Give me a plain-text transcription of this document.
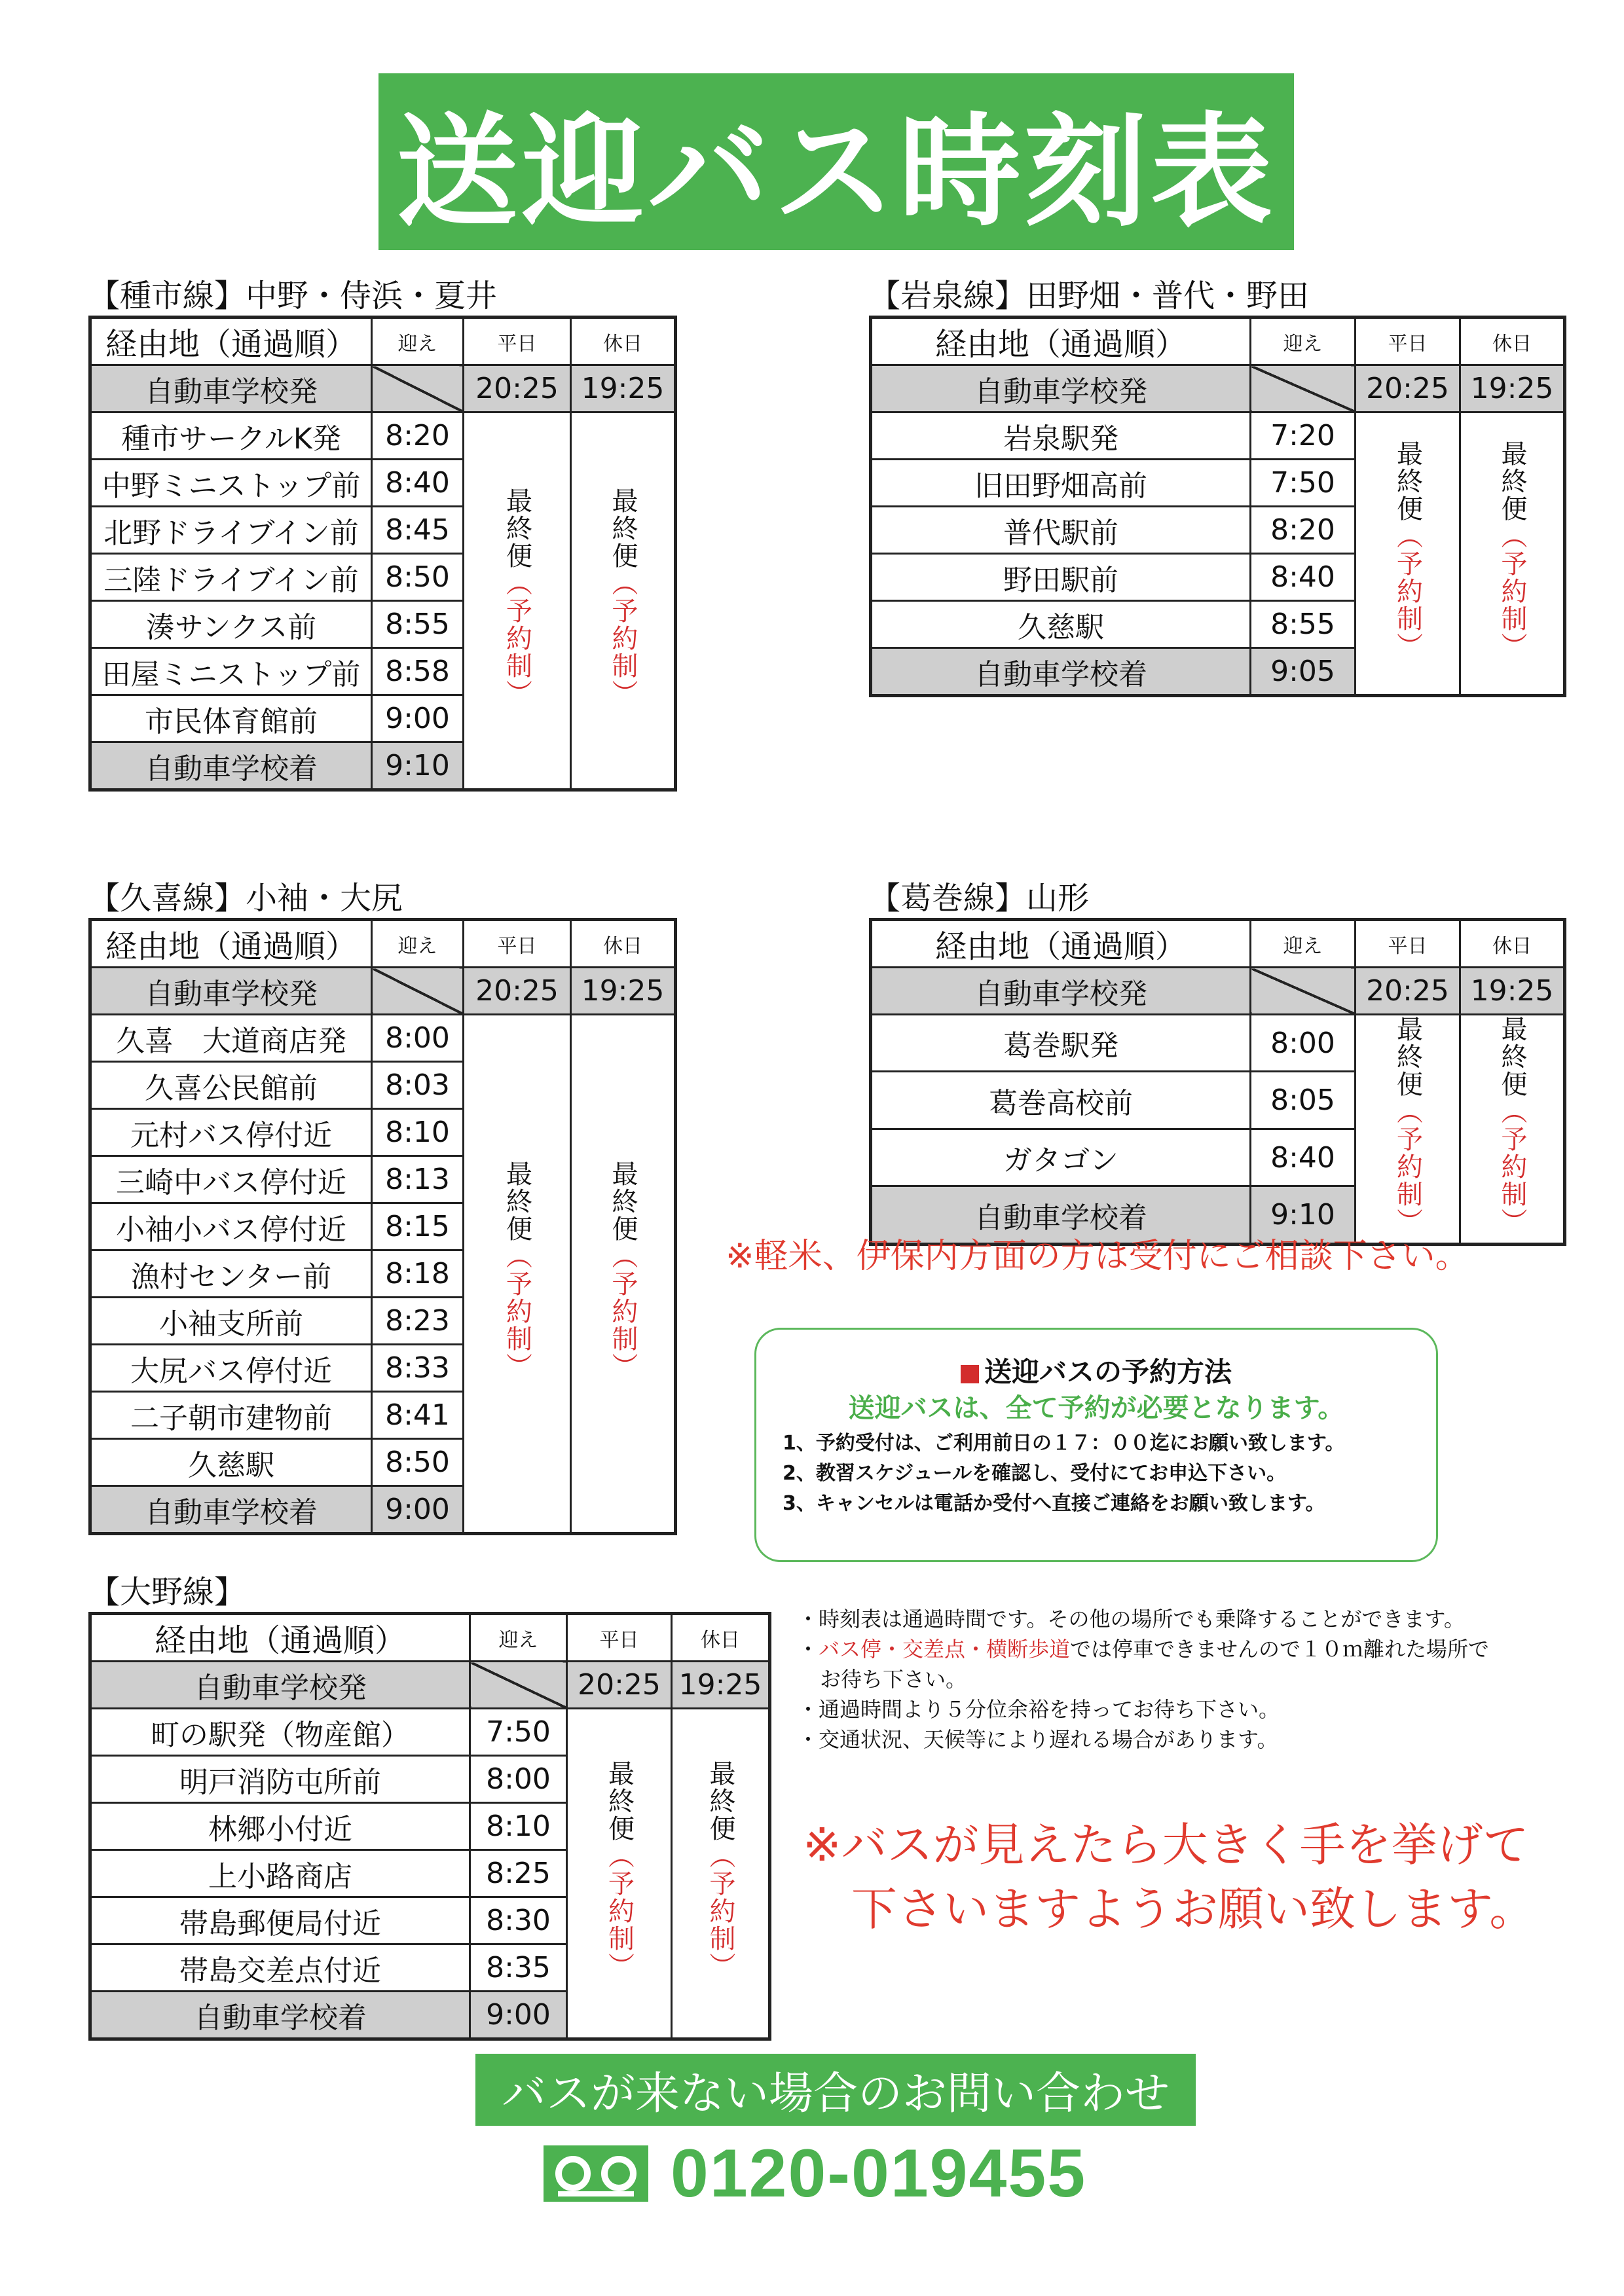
送迎バス時刻表
【種市線】中野・侍浜・夏井
経由地（通過順）	迎え	平日	休日
自動車学校発		20:25	19:25
種市サークルK発	8:20	最終便（予約制）	最終便（予約制）
中野ミニストップ前	8:40		
北野ドライブイン前	8:45		
三陸ドライブイン前	8:50		
湊サンクス前	8:55		
田屋ミニストップ前	8:58		
市民体育館前	9:00		
自動車学校着	9:10		
【岩泉線】田野畑・普代・野田
経由地（通過順）	迎え	平日	休日
自動車学校発		20:25	19:25
岩泉駅発	7:20	最終便（予約制）	最終便（予約制）
旧田野畑高前	7:50		
普代駅前	8:20		
野田駅前	8:40		
久慈駅	8:55		
自動車学校着	9:05		
【久喜線】小袖・大尻
経由地（通過順）	迎え	平日	休日
自動車学校発		20:25	19:25
久喜　大道商店発	8:00	最終便（予約制）	最終便（予約制）
久喜公民館前	8:03		
元村バス停付近	8:10		
三崎中バス停付近	8:13		
小袖小バス停付近	8:15		
漁村センター前	8:18		
小袖支所前	8:23		
大尻バス停付近	8:33		
二子朝市建物前	8:41		
久慈駅	8:50		
自動車学校着	9:00		
【葛巻線】山形
経由地（通過順）	迎え	平日	休日
自動車学校発		20:25	19:25
葛巻駅発	8:00	最終便（予約制）	最終便（予約制）
葛巻高校前	8:05		
ガタゴン	8:40		
自動車学校着	9:10		
【大野線】
経由地（通過順）	迎え	平日	休日
自動車学校発		20:25	19:25
町の駅発（物産館）	7:50	最終便（予約制）	最終便（予約制）
明戸消防屯所前	8:00		
林郷小付近	8:10		
上小路商店	8:25		
帯島郵便局付近	8:30		
帯島交差点付近	8:35		
自動車学校着	9:00		
※軽米、伊保内方面の方は受付にご相談下さい。
送迎バスの予約方法
送迎バスは、全て予約が必要となります。
1、予約受付は、ご利用前日の１７：００迄にお願い致します。
2、教習スケジュールを確認し、受付にてお申込下さい。
3、キャンセルは電話か受付へ直接ご連絡をお願い致します。
・時刻表は通過時間です。その他の場所でも乗降することができます。
・バス停・交差点・横断歩道では停車できませんので１０ｍ離れた場所で
お待ち下さい。
・通過時間より５分位余裕を持ってお待ち下さい。
・交通状況、天候等により遅れる場合があります。
※バスが見えたら大きく手を挙げて
下さいますようお願い致します。
バスが来ない場合のお問い合わせ
0120-019455
